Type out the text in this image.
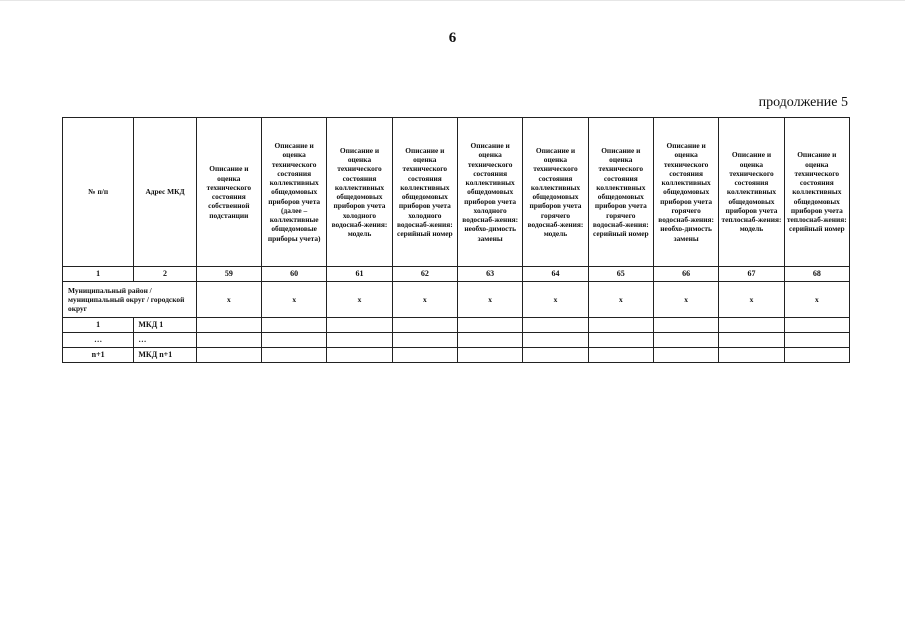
6
продолжение 5
№ п/п	Адрес МКД	Описание и оценка технического состояния собственной подстанции	Описание и оценка технического состояния коллективных общедомовых приборов учета (далее – коллективные общедомовые приборы учета)	Описание и оценка технического состояния коллективных общедомовых приборов учета холодного водоснаб-жения: модель	Описание и оценка технического состояния коллективных общедомовых приборов учета холодного водоснаб-жения: серийный номер	Описание и оценка технического состояния коллективных общедомовых приборов учета холодного водоснаб-жения: необхо-димость замены	Описание и оценка технического состояния коллективных общедомовых приборов учета горячего водоснаб-жения: модель	Описание и оценка технического состояния коллективных общедомовых приборов учета горячего водоснаб-жения: серийный номер	Описание и оценка технического состояния коллективных общедомовых приборов учета горячего водоснаб-жения: необхо-димость замены	Описание и оценка технического состояния коллективных общедомовых приборов учета теплоснаб-жения: модель	Описание и оценка технического состояния коллективных общедомовых приборов учета теплоснаб-жения: серийный номер
1	2	59	60	61	62	63	64	65	66	67	68
Муниципальный район / муниципальный округ / городской округ		x	x	x	x	x	x	x	x	x	x
1	МКД 1										
…	…										
n+1	МКД n+1										
